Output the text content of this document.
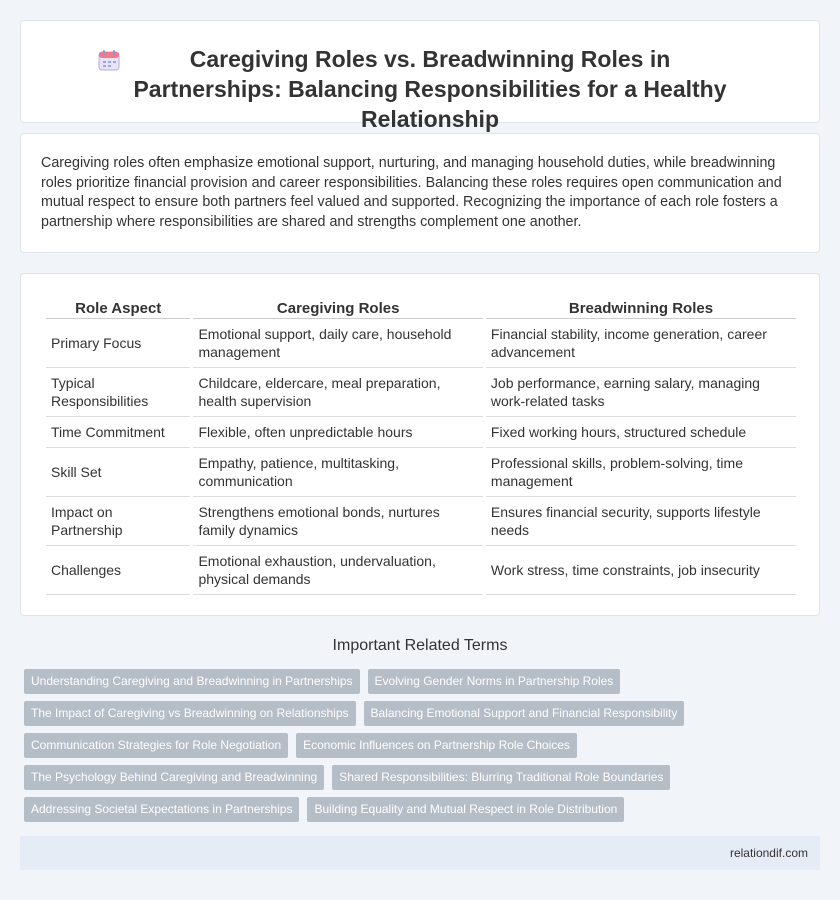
Caregiving Roles vs. Breadwinning Roles in Partnerships: Balancing Responsibilities for a Healthy Relationship

Caregiving roles often emphasize emotional support, nurturing, and managing household duties, while breadwinning roles prioritize financial provision and career responsibilities. Balancing these roles requires open communication and mutual respect to ensure both partners feel valued and supported. Recognizing the importance of each role fosters a partnership where responsibilities are shared and strengths complement one another.

Role Aspect	Caregiving Roles	Breadwinning Roles
Primary Focus	Emotional support, daily care, household management	Financial stability, income generation, career advancement
Typical Responsibilities	Childcare, eldercare, meal preparation, health supervision	Job performance, earning salary, managing work-related tasks
Time Commitment	Flexible, often unpredictable hours	Fixed working hours, structured schedule
Skill Set	Empathy, patience, multitasking, communication	Professional skills, problem-solving, time management
Impact on Partnership	Strengthens emotional bonds, nurtures family dynamics	Ensures financial security, supports lifestyle needs
Challenges	Emotional exhaustion, undervaluation, physical demands	Work stress, time constraints, job insecurity
Important Related Terms
Understanding Caregiving and Breadwinning in Partnerships Evolving Gender Norms in Partnership Roles
The Impact of Caregiving vs Breadwinning on Relationships Balancing Emotional Support and Financial Responsibility
Communication Strategies for Role Negotiation Economic Influences on Partnership Role Choices
The Psychology Behind Caregiving and Breadwinning Shared Responsibilities: Blurring Traditional Role Boundaries
Addressing Societal Expectations in Partnerships Building Equality and Mutual Respect in Role Distribution
relationdif.com
